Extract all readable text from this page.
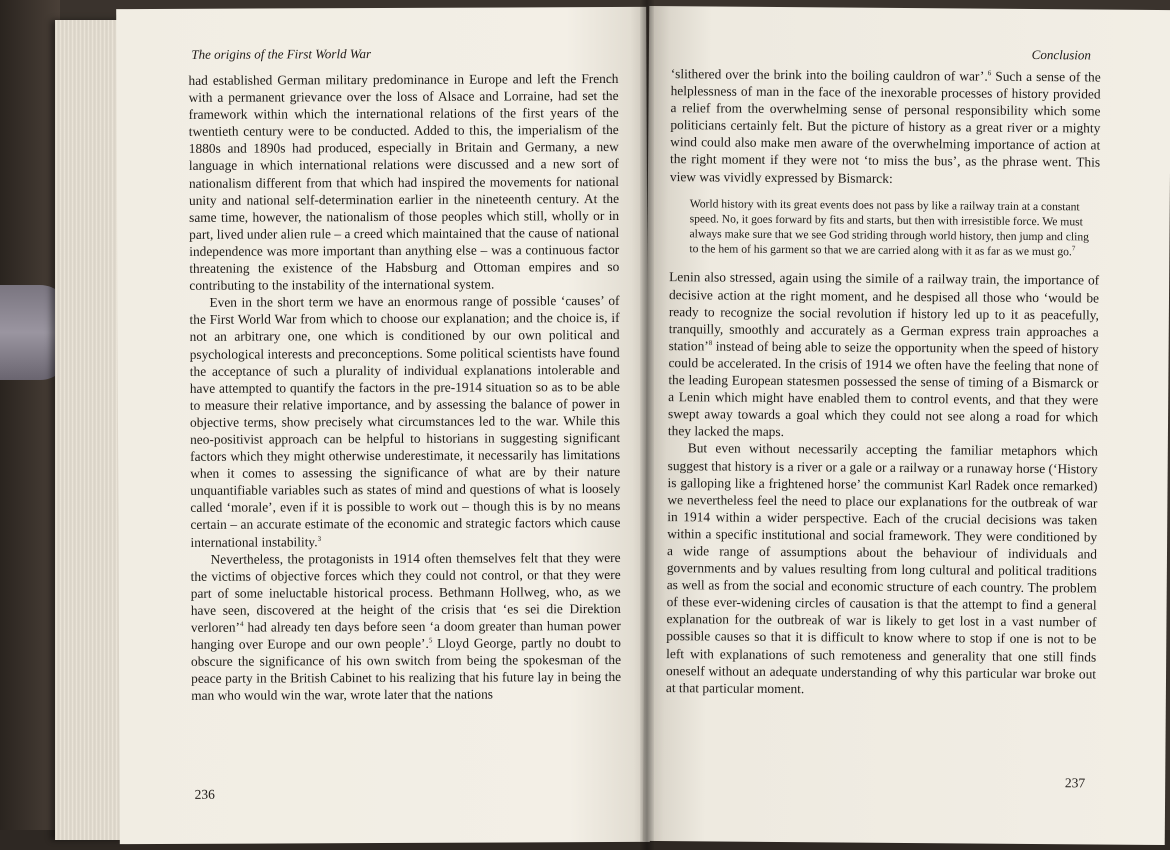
The origins of the First World War

had established German military predominance in Europe and left the French with a permanent grievance over the loss of Alsace and Lorraine, had set the framework within which the international relations of the first years of the twentieth century were to be conducted. Added to this, the imperialism of the 1880s and 1890s had produced, especially in Britain and Germany, a new language in which international relations were discussed and a new sort of nationalism different from that which had inspired the movements for national unity and national self-determination earlier in the nineteenth century. At the same time, however, the nationalism of those peoples which still, wholly or in part, lived under alien rule – a creed which maintained that the cause of national independence was more important than anything else – was a continuous factor threatening the existence of the Habsburg and Ottoman empires and so contributing to the instability of the international system.

Even in the short term we have an enormous range of possible ‘causes’ of the First World War from which to choose our explanation; and the choice is, if not an arbitrary one, one which is conditioned by our own political and psychological interests and preconceptions. Some political scientists have found the acceptance of such a plurality of individual explanations intolerable and have attempted to quantify the factors in the pre-1914 situation so as to be able to measure their relative importance, and by assessing the balance of power in objective terms, show precisely what circumstances led to the war. While this neo-positivist approach can be helpful to historians in suggesting significant factors which they might otherwise underestimate, it necessarily has limitations when it comes to assessing the significance of what are by their nature unquantifiable variables such as states of mind and questions of what is loosely called ‘morale’, even if it is possible to work out – though this is by no means certain – an accurate estimate of the economic and strategic factors which cause international instability.$^3$

Nevertheless, the protagonists in 1914 often themselves felt that they were the victims of objective forces which they could not control, or that they were part of some ineluctable historical process. Bethmann Hollweg, who, as we have seen, discovered at the height of the crisis that ‘es sei die Direktion verloren’$^4$ had already ten days before seen ‘a doom greater than human power hanging over Europe and our own people’.$^5$ Lloyd George, partly no doubt to obscure the significance of his own switch from being the spokesman of the peace party in the British Cabinet to his realizing that his future lay in being the man who would win the war, wrote later that the nations

236
Conclusion

‘slithered over the brink into the boiling cauldron of war’.$^6$ Such a sense of the helplessness of man in the face of the inexorable processes of history provided a relief from the overwhelming sense of personal responsibility which some politicians certainly felt. But the picture of history as a great river or a mighty wind could also make men aware of the overwhelming importance of action at the right moment if they were not ‘to miss the bus’, as the phrase went. This view was vividly expressed by Bismarck:

World history with its great events does not pass by like a railway train at a constant speed. No, it goes forward by fits and starts, but then with irresistible force. We must always make sure that we see God striding through world history, then jump and cling to the hem of his garment so that we are carried along with it as far as we must go.$^7$

Lenin also stressed, again using the simile of a railway train, the importance of decisive action at the right moment, and he despised all those who ‘would be ready to recognize the social revolution if history led up to it as peacefully, tranquilly, smoothly and accurately as a German express train approaches a station’$^8$ instead of being able to seize the opportunity when the speed of history could be accelerated. In the crisis of 1914 we often have the feeling that none of the leading European statesmen possessed the sense of timing of a Bismarck or a Lenin which might have enabled them to control events, and that they were swept away towards a goal which they could not see along a road for which they lacked the maps.

But even without necessarily accepting the familiar metaphors which suggest that history is a river or a gale or a railway or a runaway horse (‘History is galloping like a frightened horse’ the communist Karl Radek once remarked) we nevertheless feel the need to place our explanations for the outbreak of war in 1914 within a wider perspective. Each of the crucial decisions was taken within a specific institutional and social framework. They were conditioned by a wide range of assumptions about the behaviour of individuals and governments and by values resulting from long cultural and political traditions as well as from the social and economic structure of each country. The problem of these ever-widening circles of causation is that the attempt to find a general explanation for the outbreak of war is likely to get lost in a vast number of possible causes so that it is difficult to know where to stop if one is not to be left with explanations of such remoteness and generality that one still finds oneself without an adequate understanding of why this particular war broke out at that particular moment.

237
